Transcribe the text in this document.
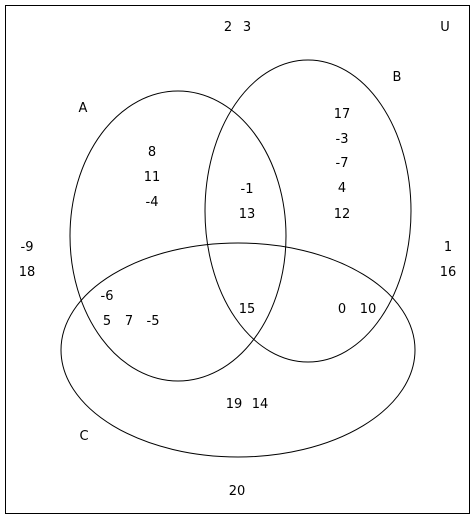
U
A
B
C
2 3
-9
18
1
16
20
8
11
-4
17
-3
-7
4
12
-1
13
-6
5 7 -5
15	0 10
19 14
